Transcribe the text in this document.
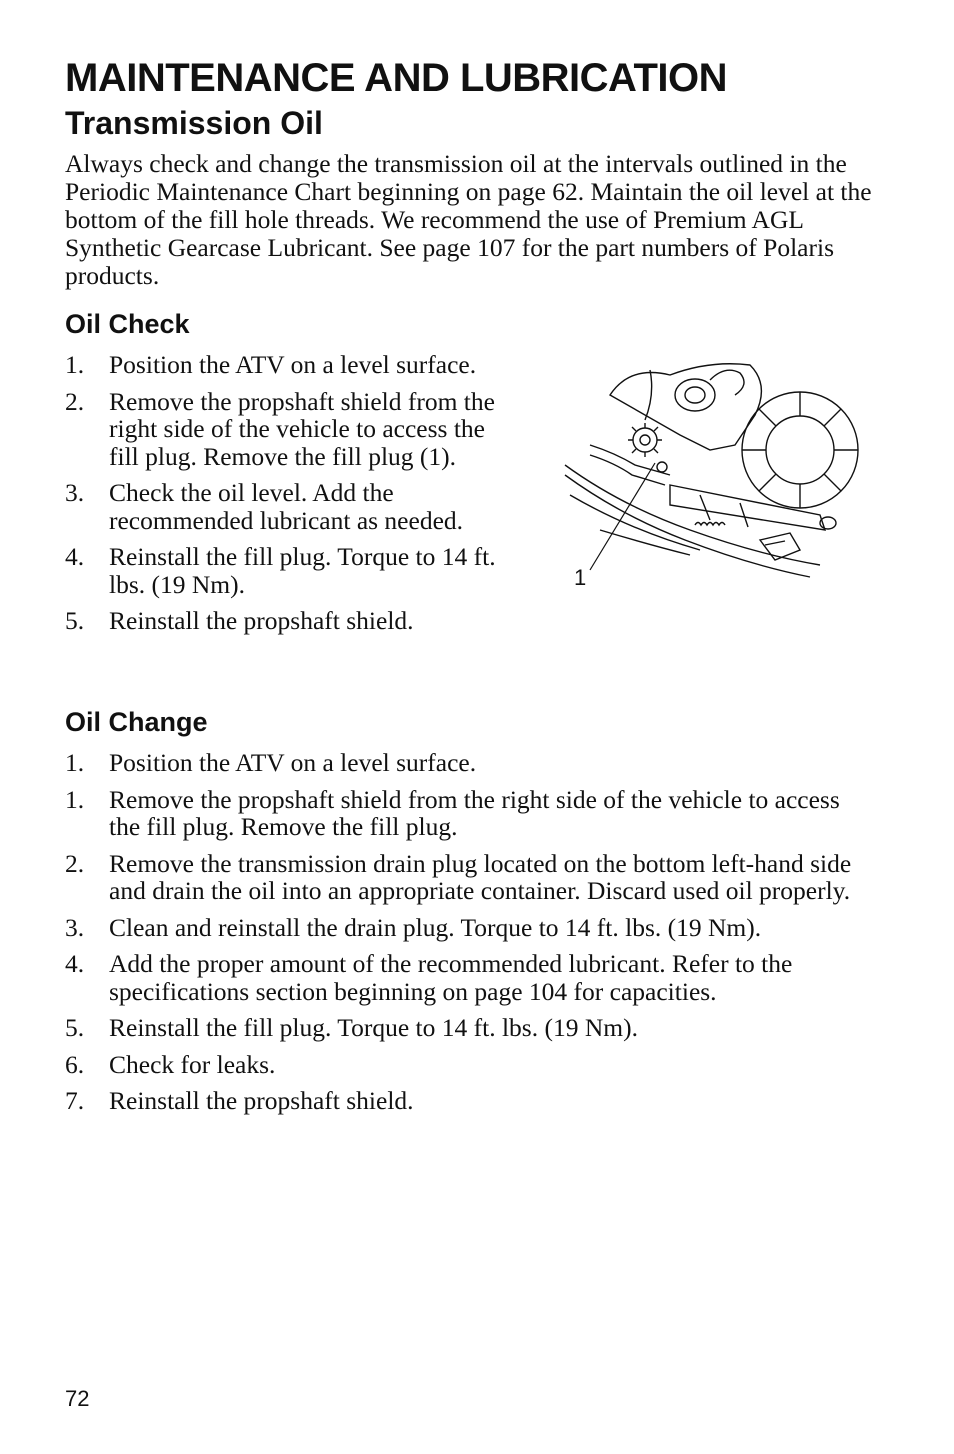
MAINTENANCE AND LUBRICATION
Transmission Oil

Always check and change the transmission oil at the intervals outlined in the Periodic Maintenance Chart beginning on page 62. Maintain the oil level at the bottom of the fill hole threads. We recommend the use of Premium AGL Synthetic Gearcase Lubricant. See page 107 for the part numbers of Polaris products.

Oil Check
1. Position the ATV on a level surface.
2. Remove the propshaft shield from the right side of the vehicle to access the fill plug. Remove the fill plug (1).
3. Check the oil level. Add the recommended lubricant as needed.
4. Reinstall the fill plug. Torque to 14 ft. lbs. (19 Nm).
5. Reinstall the propshaft shield.
1
Oil Change
1. Position the ATV on a level surface.
1. Remove the propshaft shield from the right side of the vehicle to access the fill plug. Remove the fill plug.
2. Remove the transmission drain plug located on the bottom left-hand side and drain the oil into an appropriate container. Discard used oil properly.
3. Clean and reinstall the drain plug. Torque to 14 ft. lbs. (19 Nm).
4. Add the proper amount of the recommended lubricant. Refer to the specifications section beginning on page 104 for capacities.
5. Reinstall the fill plug. Torque to 14 ft. lbs. (19 Nm).
6. Check for leaks.
7. Reinstall the propshaft shield.
72
